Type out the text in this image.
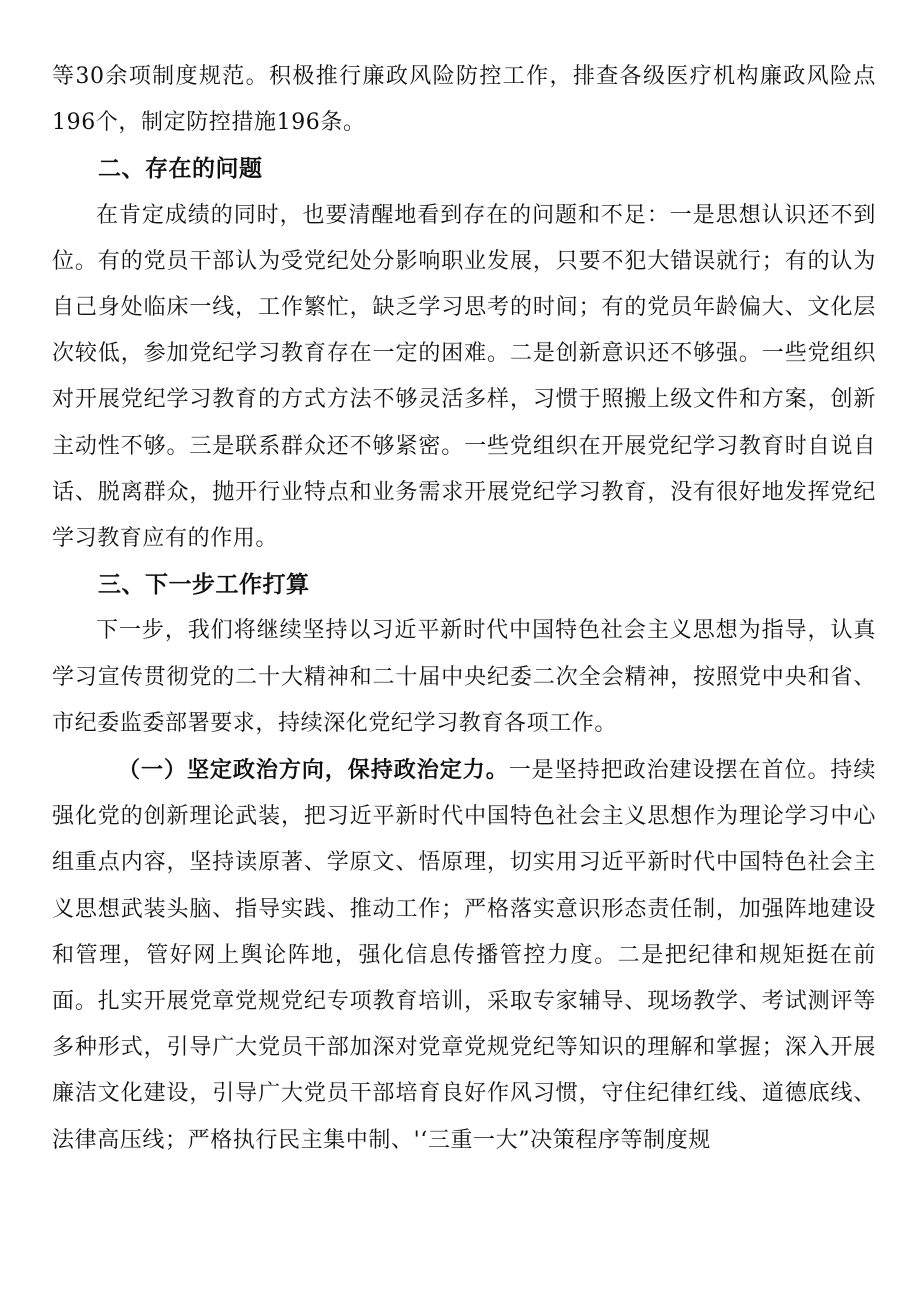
等30余项制度规范。积极推行廉政风险防控工作，排查各级医疗机构廉政风险点196个，制定防控措施196条。

二、存在的问题

在肯定成绩的同时，也要清醒地看到存在的问题和不足：一是思想认识还不到位。有的党员干部认为受党纪处分影响职业发展，只要不犯大错误就行；有的认为自己身处临床一线，工作繁忙，缺乏学习思考的时间；有的党员年龄偏大、文化层次较低，参加党纪学习教育存在一定的困难。二是创新意识还不够强。一些党组织对开展党纪学习教育的方式方法不够灵活多样，习惯于照搬上级文件和方案，创新主动性不够。三是联系群众还不够紧密。一些党组织在开展党纪学习教育时自说自话、脱离群众，抛开行业特点和业务需求开展党纪学习教育，没有很好地发挥党纪学习教育应有的作用。

三、下一步工作打算

下一步，我们将继续坚持以习近平新时代中国特色社会主义思想为指导，认真学习宣传贯彻党的二十大精神和二十届中央纪委二次全会精神，按照党中央和省、市纪委监委部署要求，持续深化党纪学习教育各项工作。

（一）坚定政治方向，保持政治定力。一是坚持把政治建设摆在首位。持续强化党的创新理论武装，把习近平新时代中国特色社会主义思想作为理论学习中心组重点内容，坚持读原著、学原文、悟原理，切实用习近平新时代中国特色社会主义思想武装头脑、指导实践、推动工作；严格落实意识形态责任制，加强阵地建设和管理，管好网上舆论阵地，强化信息传播管控力度。二是把纪律和规矩挺在前面。扎实开展党章党规党纪专项教育培训，采取专家辅导、现场教学、考试测评等多种形式，引导广大党员干部加深对党章党规党纪等知识的理解和掌握；深入开展廉洁文化建设，引导广大党员干部培育良好作风习惯，守住纪律红线、道德底线、法律高压线；严格执行民主集中制、'‘三重一大”决策程序等制度规
